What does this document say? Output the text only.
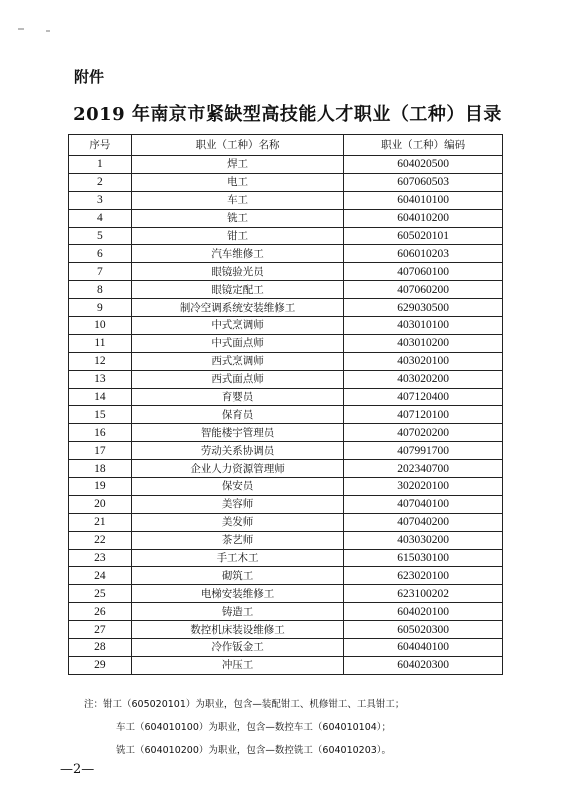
附件
2019 年南京市紧缺型高技能人才职业（工种）目录
序号	职业（工种）名称	职业（工种）编码
1	焊工	604020500
2	电工	607060503
3	车工	604010100
4	铣工	604010200
5	钳工	605020101
6	汽车维修工	606010203
7	眼镜验光员	407060100
8	眼镜定配工	407060200
9	制冷空调系统安装维修工	629030500
10	中式烹调师	403010100
11	中式面点师	403010200
12	西式烹调师	403020100
13	西式面点师	403020200
14	育婴员	407120400
15	保育员	407120100
16	智能楼宇管理员	407020200
17	劳动关系协调员	407991700
18	企业人力资源管理师	202340700
19	保安员	302020100
20	美容师	407040100
21	美发师	407040200
22	茶艺师	403030200
23	手工木工	615030100
24	砌筑工	623020100
25	电梯安装维修工	623100202
26	铸造工	604020100
27	数控机床装设维修工	605020300
28	冷作钣金工	604040100
29	冲压工	604020300
注：钳工（605020101）为职业，包含—装配钳工、机修钳工、工具钳工；
车工（604010100）为职业，包含—数控车工（604010104）；
铣工（604010200）为职业，包含—数控铣工（604010203）。
—2—
